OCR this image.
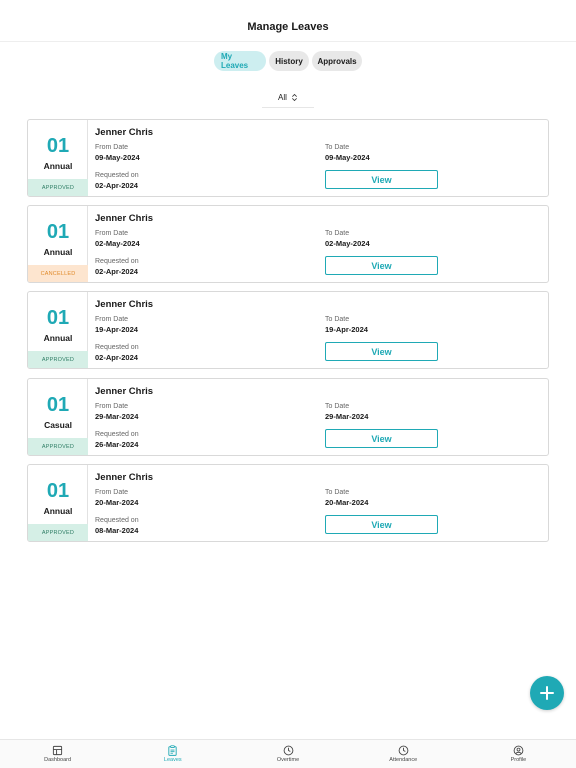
Manage Leaves
My Leaves	History	Approvals
All
01
Annual
APPROVED
Jenner Chris
From Date
09-May-2024
Requested on
02-Apr-2024
To Date
09-May-2024
View
01
Annual
CANCELLED
Jenner Chris
From Date
02-May-2024
Requested on
02-Apr-2024
To Date
02-May-2024
View
01
Annual
APPROVED
Jenner Chris
From Date
19-Apr-2024
Requested on
02-Apr-2024
To Date
19-Apr-2024
View
01
Casual
APPROVED
Jenner Chris
From Date
29-Mar-2024
Requested on
26-Mar-2024
To Date
29-Mar-2024
View
01
Annual
APPROVED
Jenner Chris
From Date
20-Mar-2024
Requested on
08-Mar-2024
To Date
20-Mar-2024
View
Dashboard	Leaves	Overtime	Attendance	Profile
